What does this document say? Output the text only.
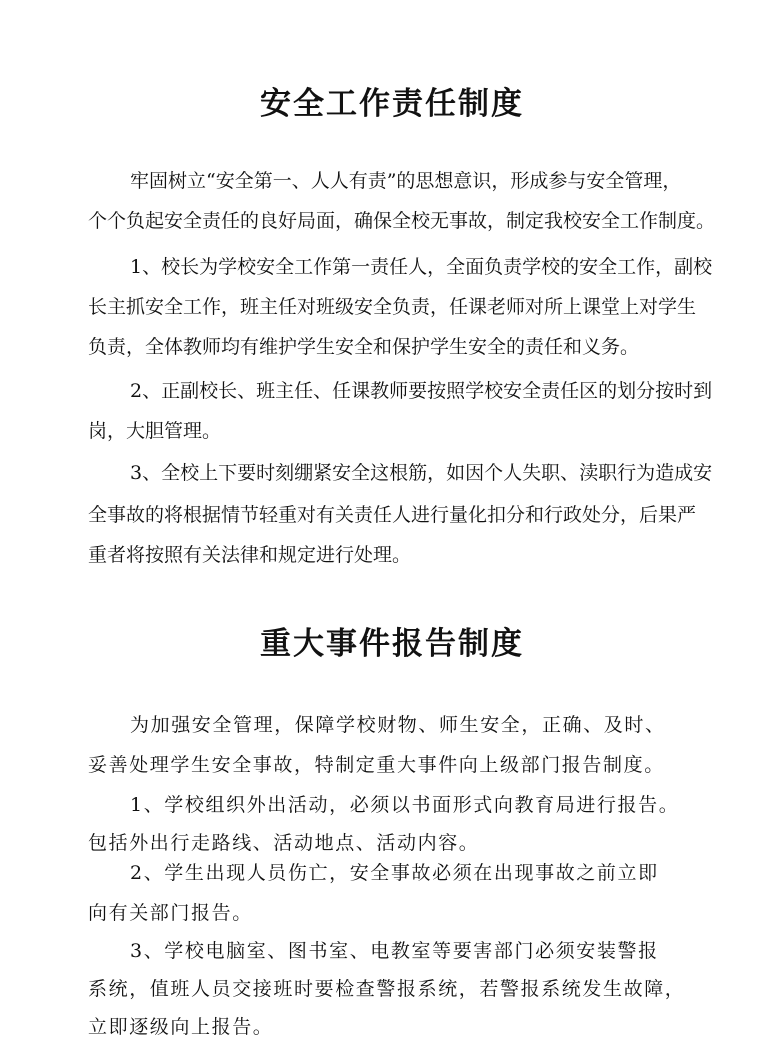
安全工作责任制度
牢固树立“安全第一、人人有责”的思想意识，形成参与安全管理，
个个负起安全责任的良好局面，确保全校无事故，制定我校安全工作制度。
1、校长为学校安全工作第一责任人，全面负责学校的安全工作，副校
长主抓安全工作，班主任对班级安全负责，任课老师对所上课堂上对学生
负责，全体教师均有维护学生安全和保护学生安全的责任和义务。
2、正副校长、班主任、任课教师要按照学校安全责任区的划分按时到
岗，大胆管理。
3、全校上下要时刻绷紧安全这根筋，如因个人失职、渎职行为造成安
全事故的将根据情节轻重对有关责任人进行量化扣分和行政处分，后果严
重者将按照有关法律和规定进行处理。
重大事件报告制度
为加强安全管理，保障学校财物、师生安全，正确、及时、
妥善处理学生安全事故，特制定重大事件向上级部门报告制度。
1、学校组织外出活动，必须以书面形式向教育局进行报告。
包括外出行走路线、活动地点、活动内容。
2、学生出现人员伤亡，安全事故必须在出现事故之前立即
向有关部门报告。
3、学校电脑室、图书室、电教室等要害部门必须安装警报
系统，值班人员交接班时要检查警报系统，若警报系统发生故障，
立即逐级向上报告。
